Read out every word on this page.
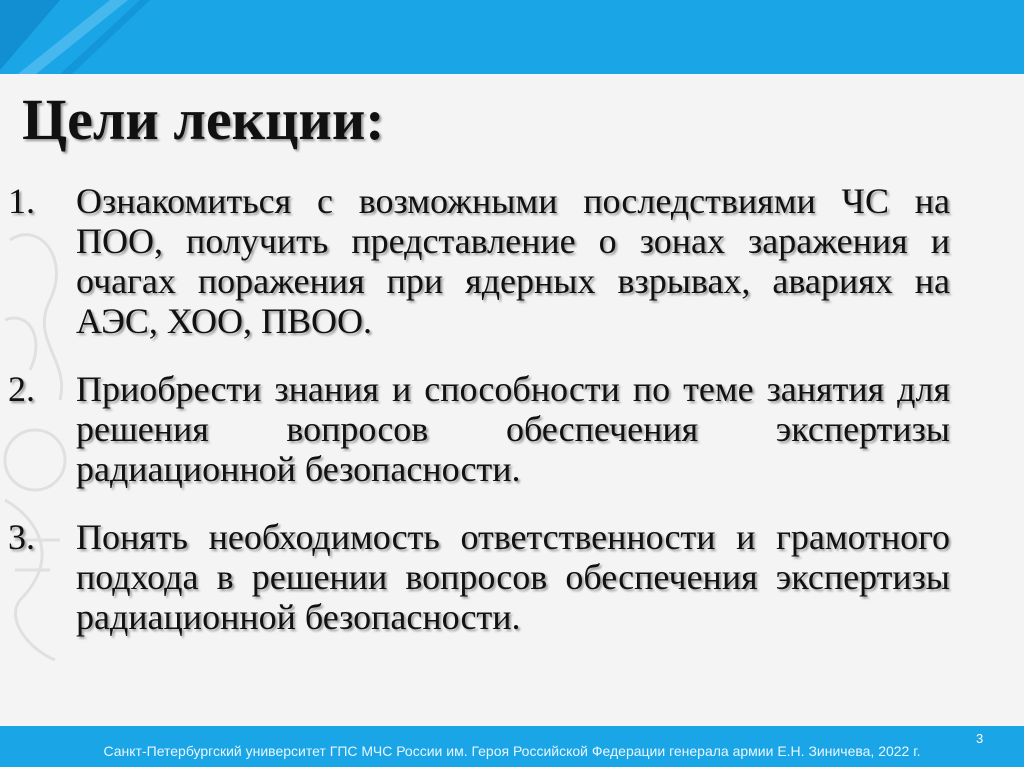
Цели лекции:
1. Ознакомиться с возможными последствиями ЧС на ПОО, получить представление о зонах заражения и очагах поражения при ядерных взрывах, авариях на АЭС, ХОО, ПВОО.
2. Приобрести знания и способности по теме занятия для решения вопросов обеспечения экспертизы радиационной безопасности.
3. Понять необходимость ответственности и грамотного подхода в решении вопросов обеспечения экспертизы радиационной безопасности.
3
Санкт-Петербургский университет ГПС МЧС России им. Героя Российской Федерации генерала армии Е.Н. Зиничева, 2022 г.
